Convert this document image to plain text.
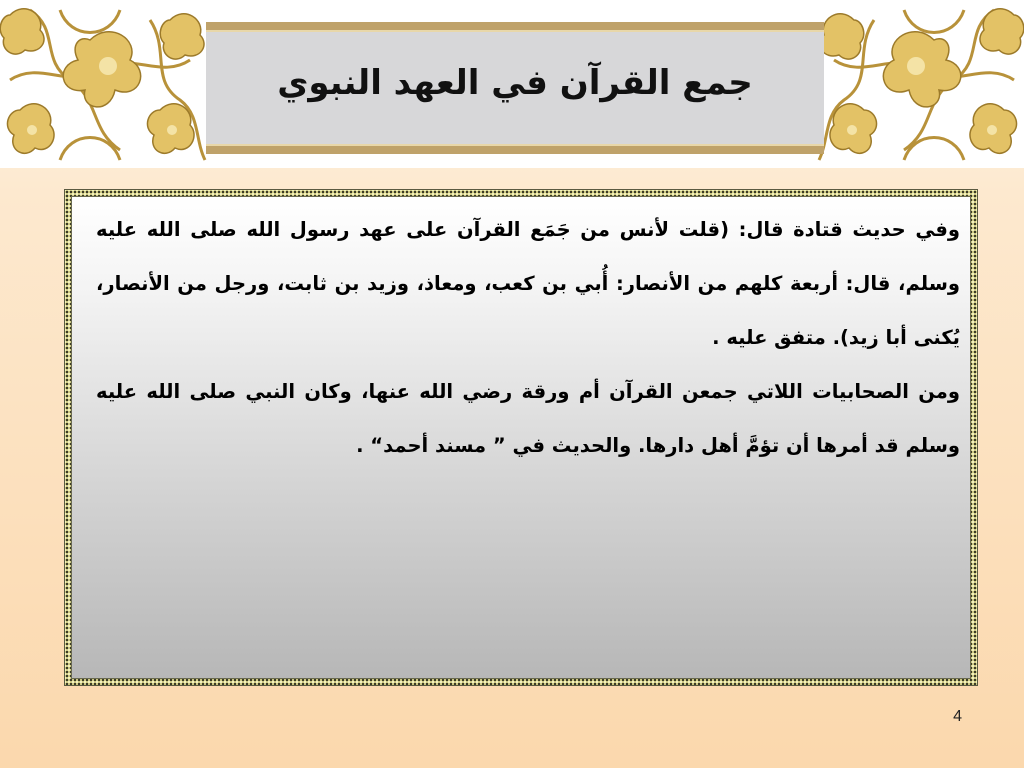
جمع القرآن في العهد النبوي

وفي حديث قتادة قال: (قلت لأنس من جَمَع القرآن على عهد رسول الله صلى الله عليه وسلم، قال: أربعة كلهم من الأنصار: أُبي بن كعب، ومعاذ، وزيد بن ثابت، ورجل من الأنصار، يُكنى أبا زيد). متفق عليه .

ومن الصحابيات اللاتي جمعن القرآن أم ورقة رضي الله عنها، وكان النبي صلى الله عليه وسلم قد أمرها أن تؤمَّ أهل دارها. والحديث في ” مسند أحمد“ .

4
